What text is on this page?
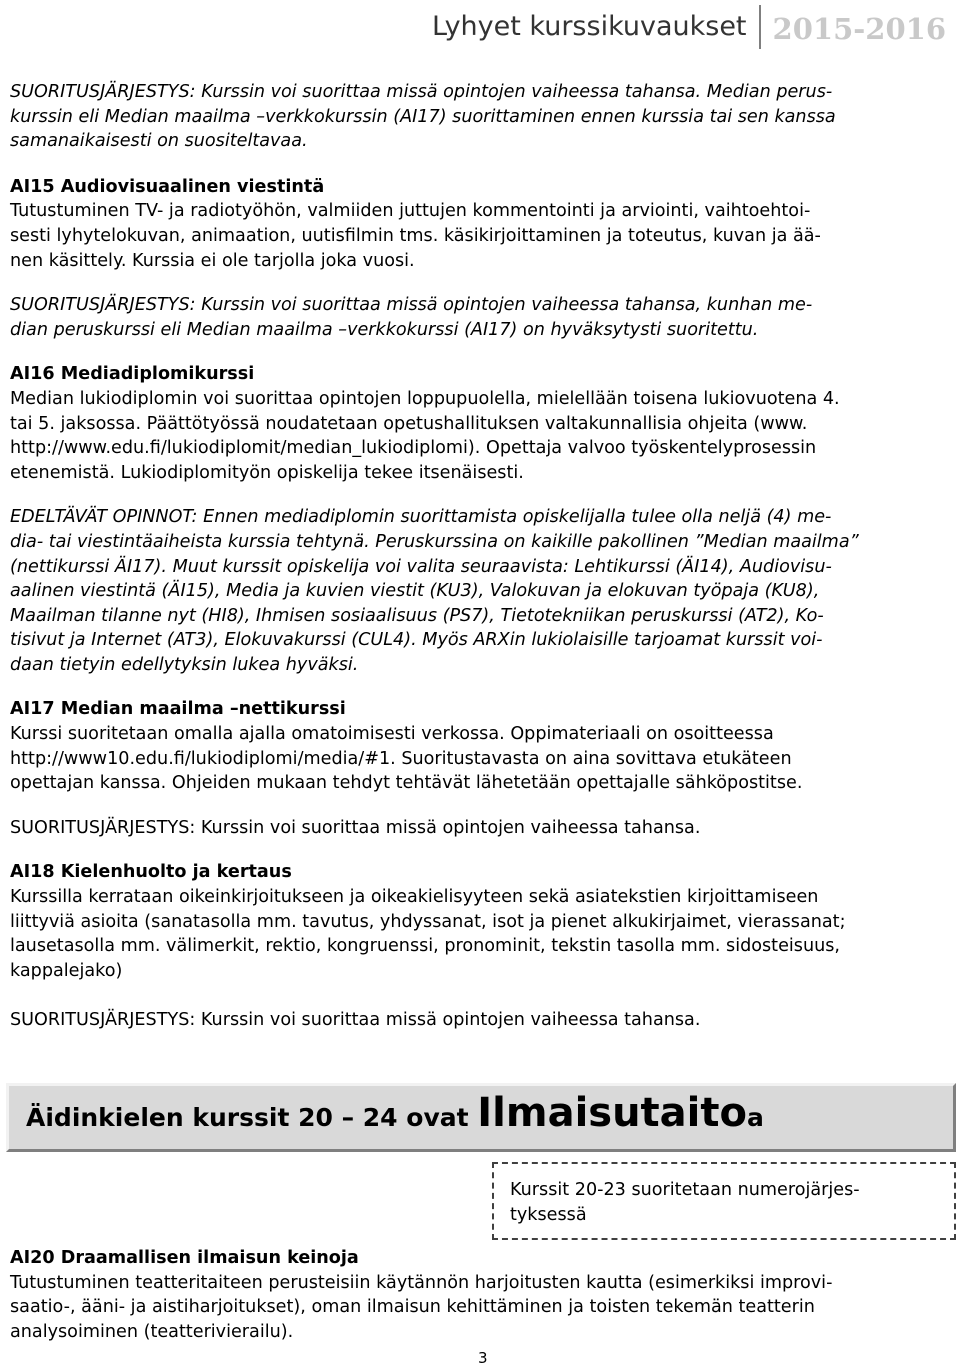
Lyhyet kurssikuvaukset 2015-2016

SUORITUSJÄRJESTYS: Kurssin voi suorittaa missä opintojen vaiheessa tahansa. Median perus-
kurssin eli Median maailma –verkkokurssin (AI17) suorittaminen ennen kurssia tai sen kanssa
samanaikaisesti on suositeltavaa.

AI15 Audiovisuaalinen viestintä

Tutustuminen TV- ja radiotyöhön, valmiiden juttujen kommentointi ja arviointi, vaihtoehtoi-
sesti lyhytelokuvan, animaation, uutisfilmin tms. käsikirjoittaminen ja toteutus, kuvan ja ää-
nen käsittely. Kurssia ei ole tarjolla joka vuosi.

SUORITUSJÄRJESTYS: Kurssin voi suorittaa missä opintojen vaiheessa tahansa, kunhan me-
dian peruskurssi eli Median maailma –verkkokurssi (AI17) on hyväksytysti suoritettu.

AI16 Mediadiplomikurssi

Median lukiodiplomin voi suorittaa opintojen loppupuolella, mielellään toisena lukiovuotena 4.
tai 5. jaksossa. Päättötyössä noudatetaan opetushallituksen valtakunnallisia ohjeita (www.
http://www.edu.fi/lukiodiplomit/median_lukiodiplomi). Opettaja valvoo työskentelyprosessin
etenemistä. Lukiodiplomityön opiskelija tekee itsenäisesti.

EDELTÄVÄT OPINNOT: Ennen mediadiplomin suorittamista opiskelijalla tulee olla neljä (4) me-
dia- tai viestintäaiheista kurssia tehtynä. Peruskurssina on kaikille pakollinen ”Median maailma”
(nettikurssi ÄI17). Muut kurssit opiskelija voi valita seuraavista: Lehtikurssi (ÄI14), Audiovisu-
aalinen viestintä (ÄI15), Media ja kuvien viestit (KU3), Valokuvan ja elokuvan työpaja (KU8),
Maailman tilanne nyt (HI8), Ihmisen sosiaalisuus (PS7), Tietotekniikan peruskurssi (AT2), Ko-
tisivut ja Internet (AT3), Elokuvakurssi (CUL4). Myös ARXin lukiolaisille tarjoamat kurssit voi-
daan tietyin edellytyksin lukea hyväksi.

AI17 Median maailma –nettikurssi

Kurssi suoritetaan omalla ajalla omatoimisesti verkossa. Oppimateriaali on osoitteessa
http://www10.edu.fi/lukiodiplomi/media/#1. Suoritustavasta on aina sovittava etukäteen
opettajan kanssa. Ohjeiden mukaan tehdyt tehtävät lähetetään opettajalle sähköpostitse.

SUORITUSJÄRJESTYS: Kurssin voi suorittaa missä opintojen vaiheessa tahansa.

AI18 Kielenhuolto ja kertaus

Kurssilla kerrataan oikeinkirjoitukseen ja oikeakielisyyteen sekä asiatekstien kirjoittamiseen
liittyviä asioita (sanatasolla mm. tavutus, yhdyssanat, isot ja pienet alkukirjaimet, vierassanat;
lausetasolla mm. välimerkit, rektio, kongruenssi, pronominit, tekstin tasolla mm. sidosteisuus,
kappalejako)

SUORITUSJÄRJESTYS: Kurssin voi suorittaa missä opintojen vaiheessa tahansa.

Äidinkielen kurssit 20 – 24 ovat Ilmaisutaitoa

Kurssit 20-23 suoritetaan numerojärjes-
tyksessä

AI20 Draamallisen ilmaisun keinoja

Tutustuminen teatteritaiteen perusteisiin käytännön harjoitusten kautta (esimerkiksi improvi-
saatio-, ääni- ja aistiharjoitukset), oman ilmaisun kehittäminen ja toisten tekemän teatterin
analysoiminen (teatterivierailu).

3
